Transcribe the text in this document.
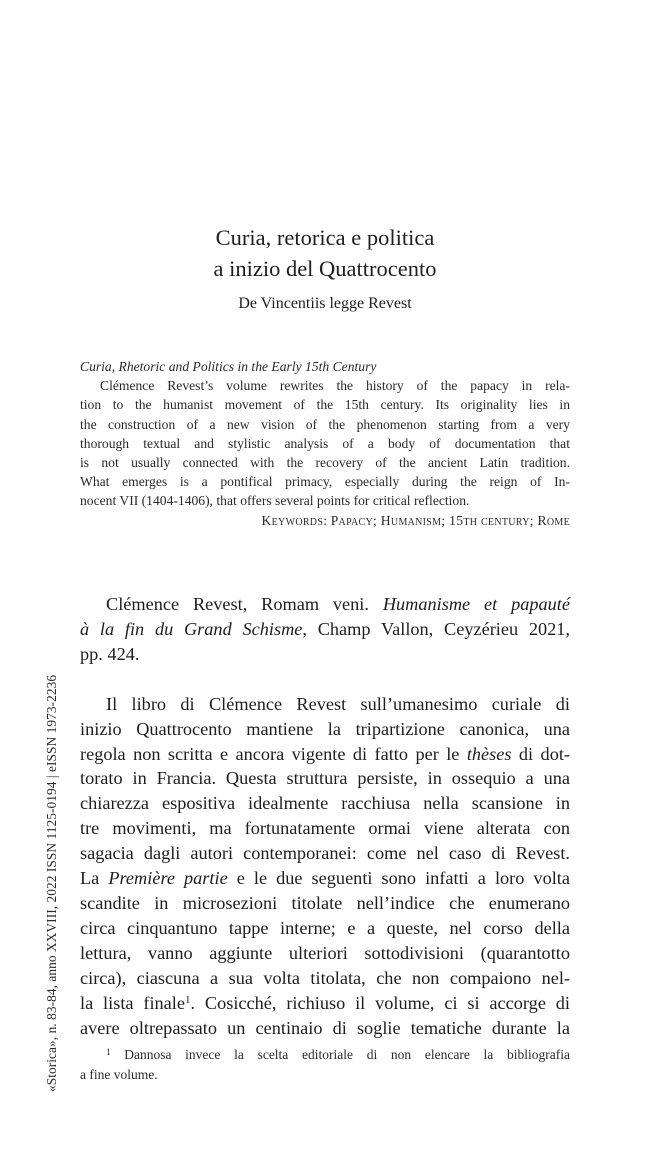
Curia, retorica e politica
a inizio del Quattrocento
De Vincentiis legge Revest
Curia, Rhetoric and Politics in the Early 15th Century
Clémence Revest’s volume rewrites the history of the papacy in rela-
tion to the humanist movement of the 15th century. Its originality lies in
the construction of a new vision of the phenomenon starting from a very
thorough textual and stylistic analysis of a body of documentation that
is not usually connected with the recovery of the ancient Latin tradition.
What emerges is a pontifical primacy, especially during the reign of In-
nocent VII (1404-1406), that offers several points for critical reflection.
Keywords: Papacy; Humanism; 15th century; Rome
«Storica», n. 83-84, anno XXVIII, 2022 ISSN 1125-0194 | eISSN 1973-2236
Clémence Revest, Romam veni. Humanisme et papauté
à la fin du Grand Schisme, Champ Vallon, Ceyzérieu 2021,
pp. 424.
Il libro di Clémence Revest sull’umanesimo curiale di
inizio Quattrocento mantiene la tripartizione canonica, una
regola non scritta e ancora vigente di fatto per le thèses di dot-
torato in Francia. Questa struttura persiste, in ossequio a una
chiarezza espositiva idealmente racchiusa nella scansione in
tre movimenti, ma fortunatamente ormai viene alterata con
sagacia dagli autori contemporanei: come nel caso di Revest.
La Première partie e le due seguenti sono infatti a loro volta
scandite in microsezioni titolate nell’indice che enumerano
circa cinquantuno tappe interne; e a queste, nel corso della
lettura, vanno aggiunte ulteriori sottodivisioni (quarantotto
circa), ciascuna a sua volta titolata, che non compaiono nel-
la lista finale$^1$. Cosicché, richiuso il volume, ci si accorge di
avere oltrepassato un centinaio di soglie tematiche durante la
$^1$ Dannosa invece la scelta editoriale di non elencare la bibliografia
a fine volume.
